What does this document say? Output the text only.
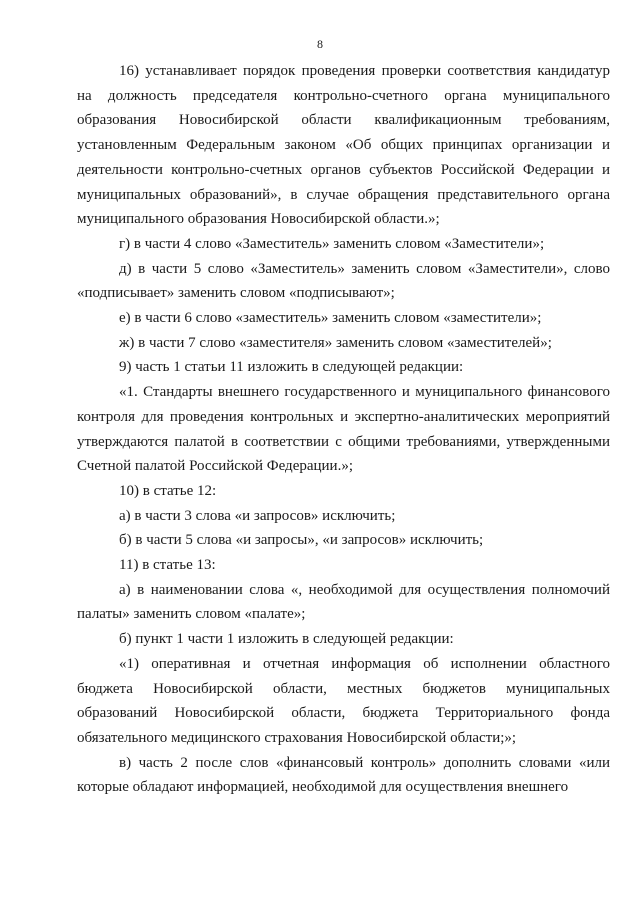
8

16) устанавливает порядок проведения проверки соответствия кандидатур на должность председателя контрольно-счетного органа муниципального образования Новосибирской области квалификационным требованиям, установленным Федеральным законом «Об общих принципах организации и деятельности контрольно-счетных органов субъектов Российской Федерации и муниципальных образований», в случае обращения представительного органа муниципального образования Новосибирской области.»;

г) в части 4 слово «Заместитель» заменить словом «Заместители»;

д) в части 5 слово «Заместитель» заменить словом «Заместители», слово «подписывает» заменить словом «подписывают»;

е) в части 6 слово «заместитель» заменить словом «заместители»;

ж) в части 7 слово «заместителя» заменить словом «заместителей»;

9) часть 1 статьи 11 изложить в следующей редакции:

«1. Стандарты внешнего государственного и муниципального финансового контроля для проведения контрольных и экспертно-аналитических мероприятий утверждаются палатой в соответствии с общими требованиями, утвержденными Счетной палатой Российской Федерации.»;

10) в статье 12:

а) в части 3 слова «и запросов» исключить;

б) в части 5 слова «и запросы», «и запросов» исключить;

11) в статье 13:

а) в наименовании слова «, необходимой для осуществления полномочий палаты» заменить словом «палате»;

б) пункт 1 части 1 изложить в следующей редакции:

«1) оперативная и отчетная информация об исполнении областного бюджета Новосибирской области, местных бюджетов муниципальных образований Новосибирской области, бюджета Территориального фонда обязательного медицинского страхования Новосибирской области;»;

в) часть 2 после слов «финансовый контроль» дополнить словами «или которые обладают информацией, необходимой для осуществления внешнего
